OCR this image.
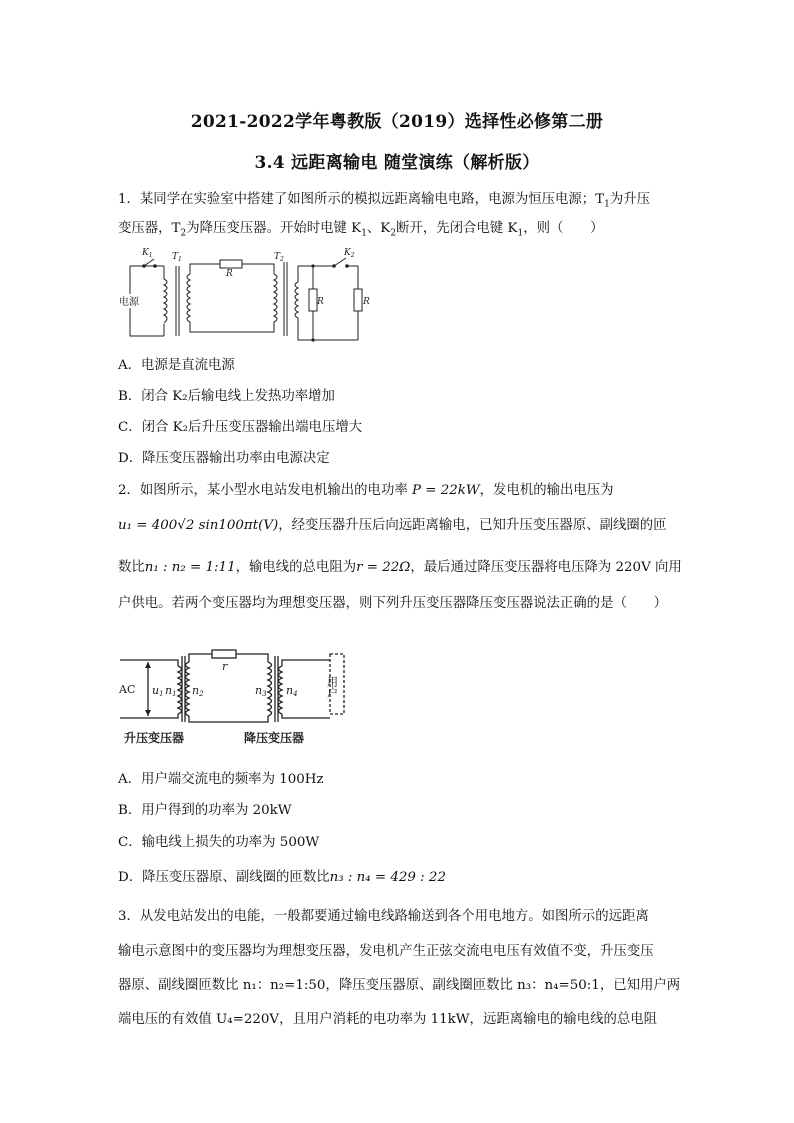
2021-2022学年粤教版（2019）选择性必修第二册
3.4 远距离输电 随堂演练（解析版）
1．某同学在实验室中搭建了如图所示的模拟远距离输电电路，电源为恒压电源；$T_1$为升压
变压器，$T_2$为降压变压器。开始时电键 $K_1$、$K_2$断开，先闭合电键 $K_1$，则（　　）
$K_1$ $T_1$
R
$T_2$
$K_2$
R	R
电源
A．电源是直流电源
B．闭合 K₂后输电线上发热功率增加
C．闭合 K₂后升压变压器输出端电压增大
D．降压变压器输出功率由电源决定
2．如图所示，某小型水电站发电机输出的电功率 P = 22kW，发电机的输出电压为
u₁ = 400√2 sin100πt(V)，经变压器升压后向远距离输电，已知升压变压器原、副线圈的匝
数比n₁ : n₂ = 1:11，输电线的总电阻为r = 22Ω，最后通过降压变压器将电压降为 220V 向用
户供电。若两个变压器均为理想变压器，则下列升压变压器降压变压器说法正确的是（　　）
AC u1 n1 n2
r
n3 n4	用户
升压变压器	降压变压器
A．用户端交流电的频率为 100Hz
B．用户得到的功率为 20kW
C．输电线上损失的功率为 500W
D．降压变压器原、副线圈的匝数比n₃ : n₄ = 429 : 22
3．从发电站发出的电能，一般都要通过输电线路输送到各个用电地方。如图所示的远距离
输电示意图中的变压器均为理想变压器，发电机产生正弦交流电电压有效值不变，升压变压
器原、副线圈匝数比 n₁：n₂=1:50，降压变压器原、副线圈匝数比 n₃：n₄=50:1，已知用户两
端电压的有效值 U₄=220V，且用户消耗的电功率为 11kW，远距离输电的输电线的总电阻
